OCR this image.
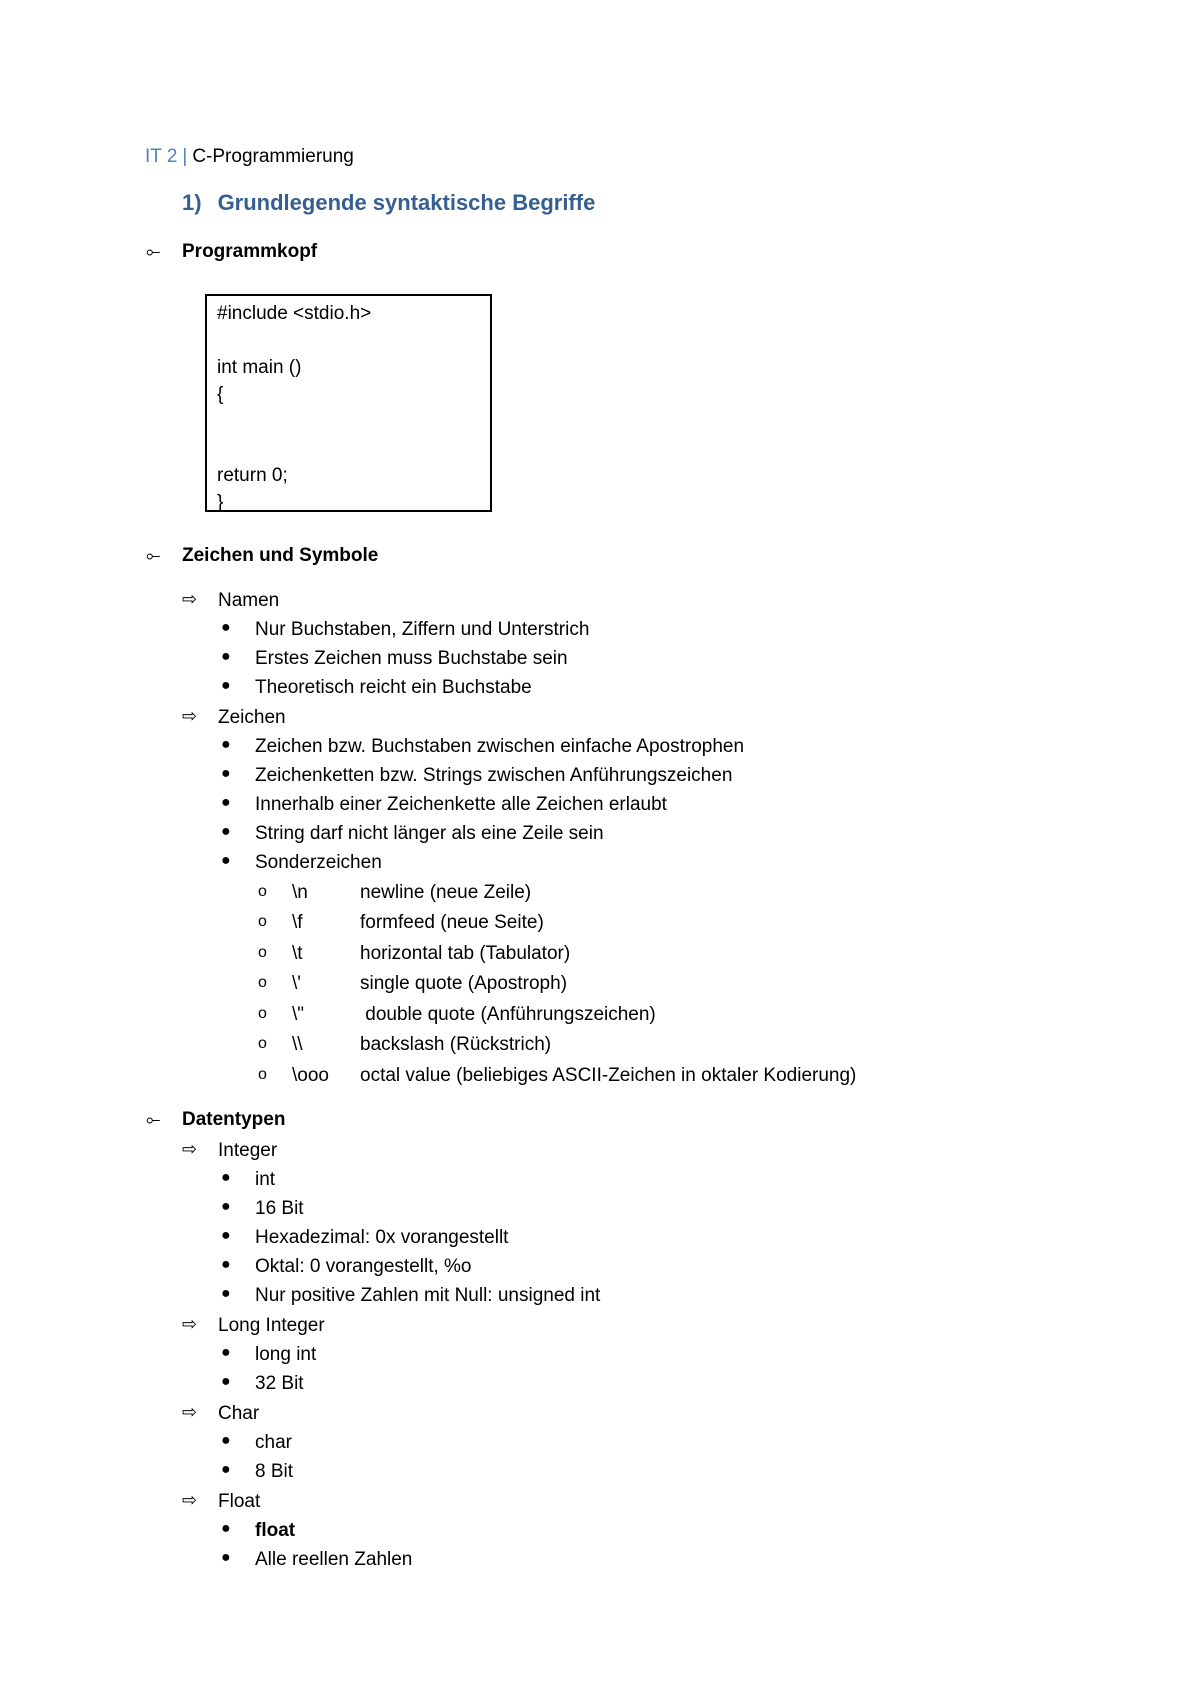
IT 2 | C-Programmierung
1) Grundlegende syntaktische Begriffe
⟜ Programmkopf
#include <stdio.h>
int main ()
{
return 0;
}
⟜ Zeichen und Symbole
⇨ Namen
● Nur Buchstaben, Ziffern und Unterstrich
● Erstes Zeichen muss Buchstabe sein
● Theoretisch reicht ein Buchstabe
⇨ Zeichen
● Zeichen bzw. Buchstaben zwischen einfache Apostrophen
● Zeichenketten bzw. Strings zwischen Anführungszeichen
● Innerhalb einer Zeichenkette alle Zeichen erlaubt
● String darf nicht länger als eine Zeile sein
● Sonderzeichen
o \n	newline (neue Zeile)
o \f	formfeed (neue Seite)
o \t	horizontal tab (Tabulator)
o \'	single quote (Apostroph)
o \"	double quote (Anführungszeichen)
o \\	backslash (Rückstrich)
o \ooo octal value (beliebiges ASCII-Zeichen in oktaler Kodierung)
⟜ Datentypen
⇨ Integer
● int
● 16 Bit
● Hexadezimal: 0x vorangestellt
● Oktal: 0 vorangestellt, %o
● Nur positive Zahlen mit Null: unsigned int
⇨ Long Integer
● long int
● 32 Bit
⇨ Char
● char
● 8 Bit
⇨ Float
● float
● Alle reellen Zahlen
